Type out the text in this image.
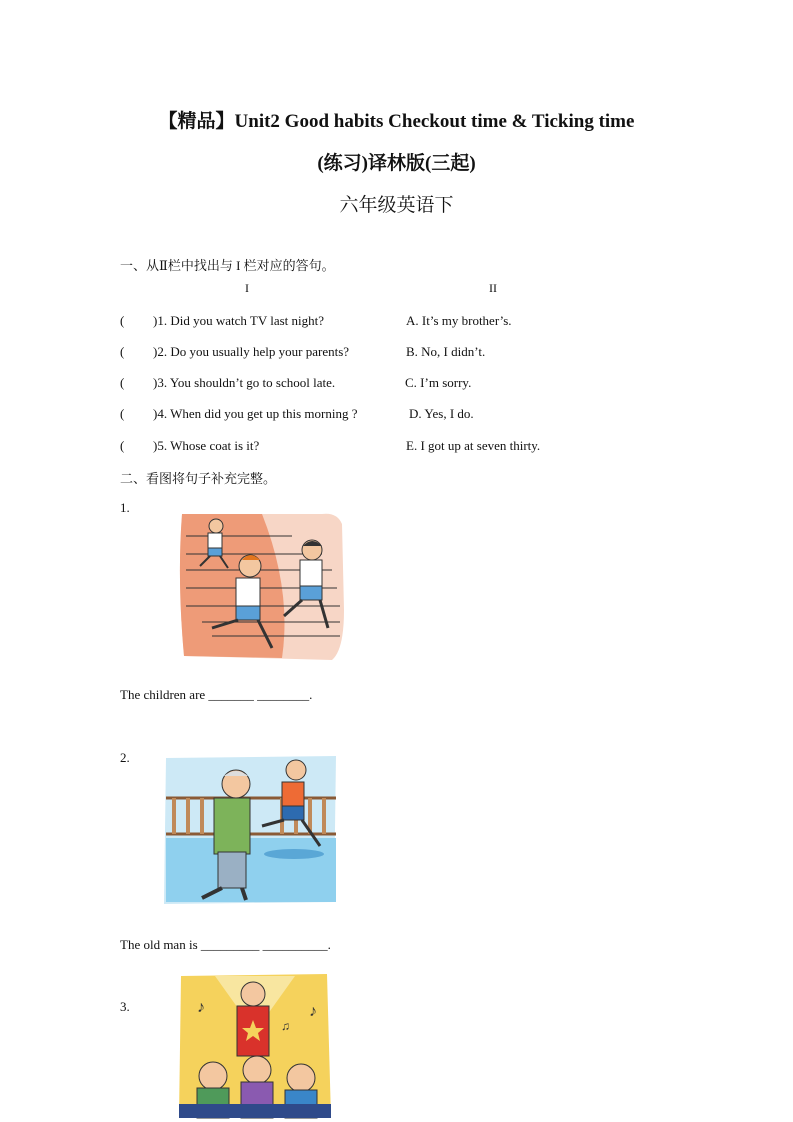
【精品】Unit2 Good habits Checkout time & Ticking time
(练习)译林版(三起)
六年级英语下
一、从Ⅱ栏中找出与 I 栏对应的答句。
I	II
( )1. Did you watch TV last night?	A. It’s my brother’s.
( )2. Do you usually help your parents?	B. No, I didn’t.
( )3. You shouldn’t go to school late.	C. I’m sorry.
( )4. When did you get up this morning ?	D. Yes, I do.
( )5. Whose coat is it?	E. I got up at seven thirty.
二、看图将句子补充完整。
1.
The children are _______ ________.
2.
The old man is _________ __________.
3.	♪	♪
♫
